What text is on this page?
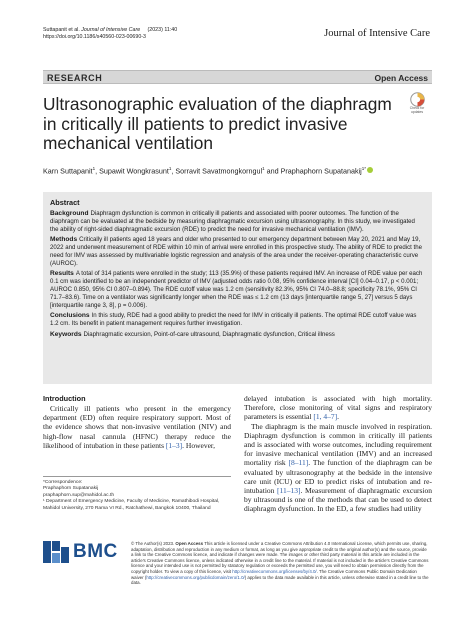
Suttapanit et al. Journal of Intensive Care (2023) 11:40
https://doi.org/10.1186/s40560-023-00690-3	Journal of Intensive Care
RESEARCH	Open Access
Check for
updates
Ultrasonographic evaluation of the diaphragm in critically ill patients to predict invasive mechanical ventilation
Karn Suttapanit$^1$, Supawit Wongkrasunt$^1$, Sorravit Savatmongkorngul$^1$ and Praphaphorn Supatanakij$^{1*}$
Abstract

Background Diaphragm dysfunction is common in critically ill patients and associated with poorer outcomes. The function of the diaphragm can be evaluated at the bedside by measuring diaphragmatic excursion using ultrasonography. In this study, we investigated the ability of right-sided diaphragmatic excursion (RDE) to predict the need for invasive mechanical ventilation (IMV).

Methods Critically ill patients aged 18 years and older who presented to our emergency department between May 20, 2021 and May 19, 2022 and underwent measurement of RDE within 10 min of arrival were enrolled in this prospective study. The ability of RDE to predict the need for IMV was assessed by multivariable logistic regression and analysis of the area under the receiver-operating characteristic curve (AUROC).

Results A total of 314 patients were enrolled in the study; 113 (35.9%) of these patients required IMV. An increase of RDE value per each 0.1 cm was identified to be an independent predictor of IMV (adjusted odds ratio 0.08, 95% confidence interval [CI] 0.04–0.17, p < 0.001; AUROC 0.850, 95% CI 0.807–0.894). The RDE cutoff value was 1.2 cm (sensitivity 82.3%, 95% CI 74.0–88.8; specificity 78.1%, 95% CI 71.7–83.6). Time on a ventilator was significantly longer when the RDE was ≤ 1.2 cm (13 days [interquartile range 5, 27] versus 5 days [interquartile range 3, 8], p = 0.006).

Conclusions In this study, RDE had a good ability to predict the need for IMV in critically ill patients. The optimal RDE cutoff value was 1.2 cm. Its benefit in patient management requires further investigation.

Keywords Diaphragmatic excursion, Point-of-care ultrasound, Diaphragmatic dysfunction, Critical illness

Introduction
Critically ill patients who present in the emergency department (ED) often require respiratory support. Most of the evidence shows that non-invasive ventilation (NIV) and high-flow nasal cannula (HFNC) therapy reduce the likelihood of intubation in these patients [1–3]. However,
delayed intubation is associated with high mortality. Therefore, close monitoring of vital signs and respiratory parameters is essential [1, 4–7].
The diaphragm is the main muscle involved in respiration. Diaphragm dysfunction is common in critically ill patients and is associated with worse outcomes, including requirement for invasive mechanical ventilation (IMV) and an increased mortality risk [8–11]. The function of the diaphragm can be evaluated by ultrasonography at the bedside in the intensive care unit (ICU) or ED to predict risks of intubation and re-intubation [11–13]. Measurement of diaphragmatic excursion by ultrasound is one of the methods that can be used to detect diaphragm dysfunction. In the ED, a few studies had utility
*Correspondence:
Praphaphorn Supatanakij
praphaphorn.sup@mahidol.ac.th
¹ Department of Emergency Medicine, Faculty of Medicine, Ramathibodi Hospital, Mahidol University, 270 Rama VI Rd., Ratchathewi, Bangkok 10400, Thailand
BMC	© The Author(s) 2023. Open Access This article is licensed under a Creative Commons Attribution 4.0 International License, which permits use, sharing, adaptation, distribution and reproduction in any medium or format, as long as you give appropriate credit to the original author(s) and the source, provide a link to the Creative Commons licence, and indicate if changes were made. The images or other third party material in this article are included in the article's Creative Commons licence, unless indicated otherwise in a credit line to the material. If material is not included in the article's Creative Commons licence and your intended use is not permitted by statutory regulation or exceeds the permitted use, you will need to obtain permission directly from the copyright holder. To view a copy of this licence, visit http://creativecommons.org/licenses/by/4.0/. The Creative Commons Public Domain Dedication waiver (http://creativecommons.org/publicdomain/zero/1.0/) applies to the data made available in this article, unless otherwise stated in a credit line to the data.
